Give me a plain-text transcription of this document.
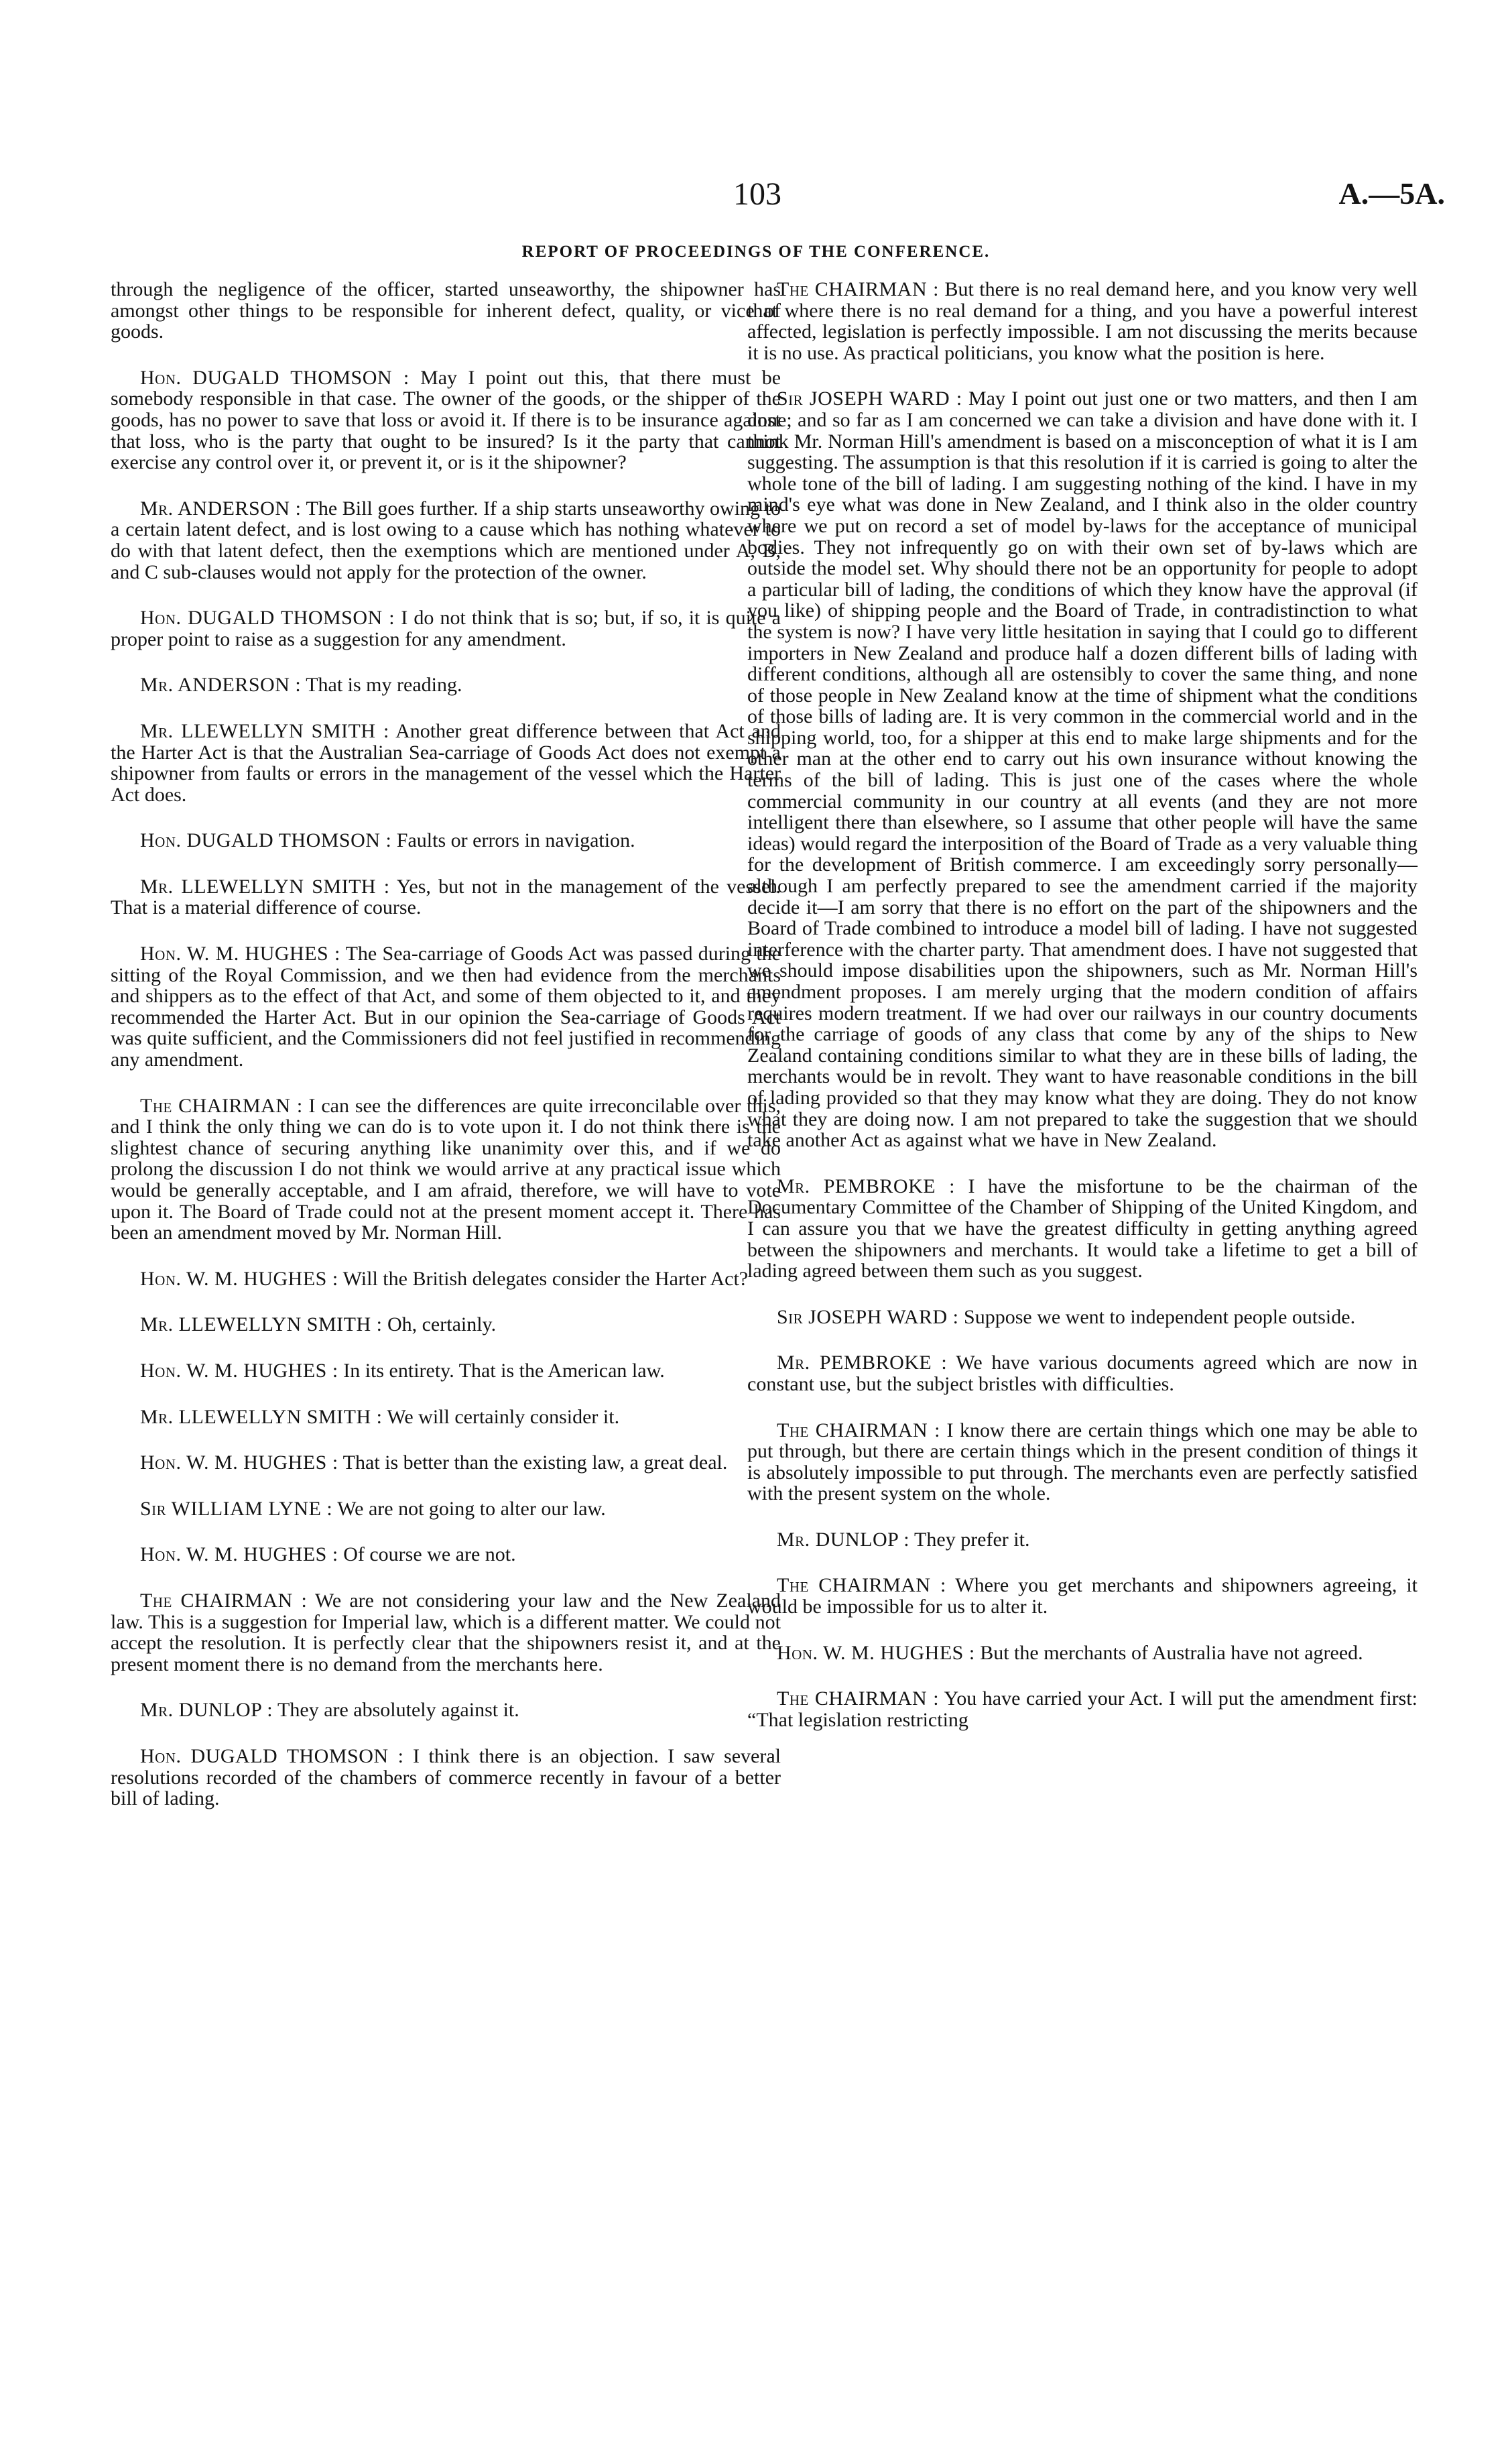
103	A.—5A.
REPORT OF PROCEEDINGS OF THE CONFERENCE.

through the negligence of the officer, started unseaworthy, the shipowner has amongst other things to be responsible for inherent defect, quality, or vice of goods.

Hon. DUGALD THOMSON : May I point out this, that there must be somebody responsible in that case. The owner of the goods, or the shipper of the goods, has no power to save that loss or avoid it. If there is to be insurance against that loss, who is the party that ought to be insured? Is it the party that cannot exercise any control over it, or prevent it, or is it the shipowner?

Mr. ANDERSON : The Bill goes further. If a ship starts unseaworthy owing to a certain latent defect, and is lost owing to a cause which has nothing whatever to do with that latent defect, then the exemptions which are mentioned under A, B, and C sub-clauses would not apply for the protection of the owner.

Hon. DUGALD THOMSON : I do not think that is so; but, if so, it is quite a proper point to raise as a suggestion for any amendment.

Mr. ANDERSON : That is my reading.

Mr. LLEWELLYN SMITH : Another great difference between that Act and the Harter Act is that the Australian Sea-carriage of Goods Act does not exempt a shipowner from faults or errors in the management of the vessel which the Harter Act does.

Hon. DUGALD THOMSON : Faults or errors in navigation.

Mr. LLEWELLYN SMITH : Yes, but not in the management of the vessel. That is a material difference of course.

Hon. W. M. HUGHES : The Sea-carriage of Goods Act was passed during the sitting of the Royal Commission, and we then had evidence from the merchants and shippers as to the effect of that Act, and some of them objected to it, and they recommended the Harter Act. But in our opinion the Sea-carriage of Goods Act was quite sufficient, and the Commissioners did not feel justified in recommending any amendment.

The CHAIRMAN : I can see the differences are quite irreconcilable over this, and I think the only thing we can do is to vote upon it. I do not think there is the slightest chance of securing anything like unanimity over this, and if we do prolong the discussion I do not think we would arrive at any practical issue which would be generally acceptable, and I am afraid, therefore, we will have to vote upon it. The Board of Trade could not at the present moment accept it. There has been an amendment moved by Mr. Norman Hill.

Hon. W. M. HUGHES : Will the British delegates consider the Harter Act?

Mr. LLEWELLYN SMITH : Oh, certainly.

Hon. W. M. HUGHES : In its entirety. That is the American law.

Mr. LLEWELLYN SMITH : We will certainly consider it.

Hon. W. M. HUGHES : That is better than the existing law, a great deal.

Sir WILLIAM LYNE : We are not going to alter our law.

Hon. W. M. HUGHES : Of course we are not.

The CHAIRMAN : We are not considering your law and the New Zealand law. This is a suggestion for Imperial law, which is a different matter. We could not accept the resolution. It is perfectly clear that the shipowners resist it, and at the present moment there is no demand from the merchants here.

Mr. DUNLOP : They are absolutely against it.

Hon. DUGALD THOMSON : I think there is an objection. I saw several resolutions recorded of the chambers of commerce recently in favour of a better bill of lading.

The CHAIRMAN : But there is no real demand here, and you know very well that where there is no real demand for a thing, and you have a powerful interest affected, legislation is perfectly impossible. I am not discussing the merits because it is no use. As practical politicians, you know what the position is here.

Sir JOSEPH WARD : May I point out just one or two matters, and then I am done; and so far as I am concerned we can take a division and have done with it. I think Mr. Norman Hill's amendment is based on a misconception of what it is I am suggesting. The assumption is that this resolution if it is carried is going to alter the whole tone of the bill of lading. I am suggesting nothing of the kind. I have in my mind's eye what was done in New Zealand, and I think also in the older country where we put on record a set of model by-laws for the acceptance of municipal bodies. They not infrequently go on with their own set of by-laws which are outside the model set. Why should there not be an opportunity for people to adopt a particular bill of lading, the conditions of which they know have the approval (if you like) of shipping people and the Board of Trade, in contradistinction to what the system is now? I have very little hesitation in saying that I could go to different importers in New Zealand and produce half a dozen different bills of lading with different conditions, although all are ostensibly to cover the same thing, and none of those people in New Zealand know at the time of shipment what the conditions of those bills of lading are. It is very common in the commercial world and in the shipping world, too, for a shipper at this end to make large shipments and for the other man at the other end to carry out his own insurance without knowing the terms of the bill of lading. This is just one of the cases where the whole commercial community in our country at all events (and they are not more intelligent there than elsewhere, so I assume that other people will have the same ideas) would regard the interposition of the Board of Trade as a very valuable thing for the development of British commerce. I am exceedingly sorry personally—although I am perfectly prepared to see the amendment carried if the majority decide it—I am sorry that there is no effort on the part of the shipowners and the Board of Trade combined to introduce a model bill of lading. I have not suggested interference with the charter party. That amendment does. I have not suggested that we should impose disabilities upon the shipowners, such as Mr. Norman Hill's amendment proposes. I am merely urging that the modern condition of affairs requires modern treatment. If we had over our railways in our country documents for the carriage of goods of any class that come by any of the ships to New Zealand containing conditions similar to what they are in these bills of lading, the merchants would be in revolt. They want to have reasonable conditions in the bill of lading provided so that they may know what they are doing. They do not know what they are doing now. I am not prepared to take the suggestion that we should take another Act as against what we have in New Zealand.

Mr. PEMBROKE : I have the misfortune to be the chairman of the Documentary Committee of the Chamber of Shipping of the United Kingdom, and I can assure you that we have the greatest difficulty in getting anything agreed between the shipowners and merchants. It would take a lifetime to get a bill of lading agreed between them such as you suggest.

Sir JOSEPH WARD : Suppose we went to independent people outside.

Mr. PEMBROKE : We have various documents agreed which are now in constant use, but the subject bristles with difficulties.

The CHAIRMAN : I know there are certain things which one may be able to put through, but there are certain things which in the present condition of things it is absolutely impossible to put through. The merchants even are perfectly satisfied with the present system on the whole.

Mr. DUNLOP : They prefer it.

The CHAIRMAN : Where you get merchants and shipowners agreeing, it would be impossible for us to alter it.

Hon. W. M. HUGHES : But the merchants of Australia have not agreed.

The CHAIRMAN : You have carried your Act. I will put the amendment first: “That legislation restricting
